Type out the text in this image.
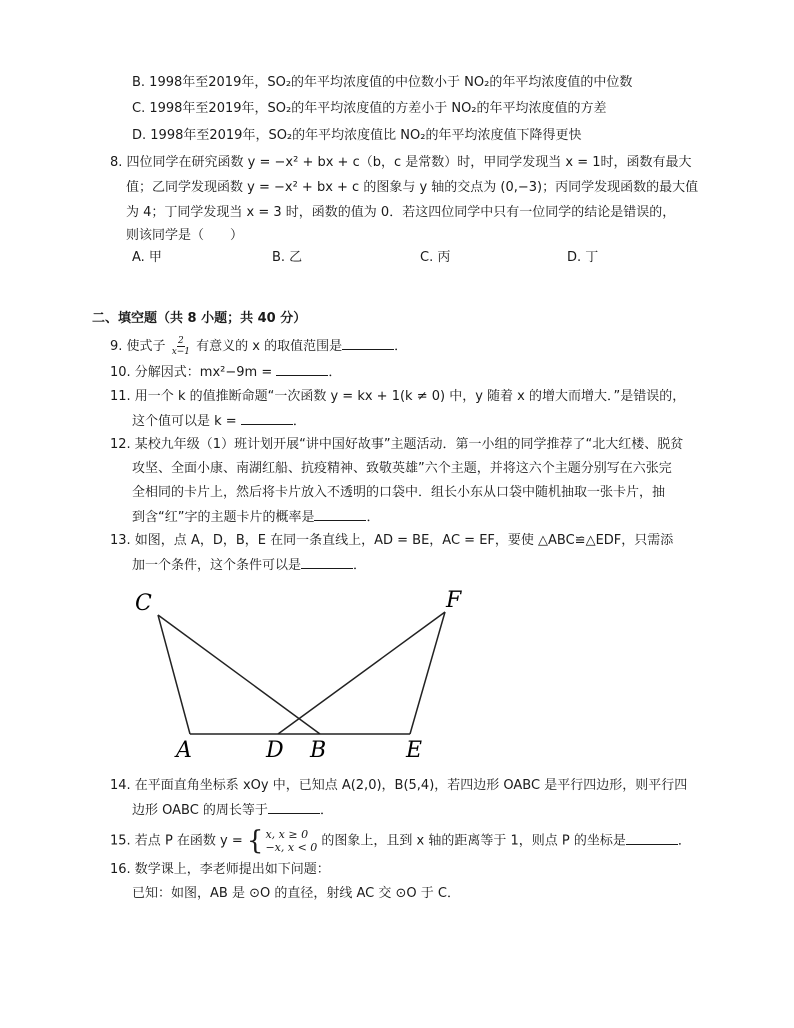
B. 1998年至2019年，SO₂的年平均浓度值的中位数小于 NO₂的年平均浓度值的中位数
C. 1998年至2019年，SO₂的年平均浓度值的方差小于 NO₂的年平均浓度值的方差
D. 1998年至2019年，SO₂的年平均浓度值比 NO₂的年平均浓度值下降得更快
8. 四位同学在研究函数 y = −x² + bx + c（b，c 是常数）时，甲同学发现当 x = 1时，函数有最大
值；乙同学发现函数 y = −x² + bx + c 的图象与 y 轴的交点为 (0,−3)；丙同学发现函数的最大值
为 4；丁同学发现当 x = 3 时，函数的值为 0．若这四位同学中只有一位同学的结论是错误的，
则该同学是（　　）
A. 甲	B. 乙	C. 丙	D. 丁
二、填空题（共 8 小题；共 40 分）
9. 使式子 $\frac{2}{x-1}$ 有意义的 x 的取值范围是	．
10. 分解因式：mx²−9m =	．
11. 用一个 k 的值推断命题“一次函数 y = kx + 1(k ≠ 0) 中，y 随着 x 的增大而增大．”是错误的，
这个值可以是 k =	．
12. 某校九年级（1）班计划开展“讲中国好故事”主题活动．第一小组的同学推荐了“北大红楼、脱贫
攻坚、全面小康、南湖红船、抗疫精神、致敬英雄”六个主题，并将这六个主题分别写在六张完
全相同的卡片上，然后将卡片放入不透明的口袋中．组长小东从口袋中随机抽取一张卡片，抽
到含“红”字的主题卡片的概率是	．
13. 如图，点 A，D，B，E 在同一条直线上，AD = BE，AC = EF，要使 △ABC≌△EDF，只需添
加一个条件，这个条件可以是	．
C	F
A	D B	E
14. 在平面直角坐标系 xOy 中，已知点 A(2,0)，B(5,4)，若四边形 OABC 是平行四边形，则平行四
边形 OABC 的周长等于	．
15. 若点 P 在函数 y = { x, x ≥ 0
−x, x < 0 的图象上，且到 x 轴的距离等于 1，则点 P 的坐标是	．
16. 数学课上，李老师提出如下问题：
已知：如图，AB 是 ⊙O 的直径，射线 AC 交 ⊙O 于 C．
